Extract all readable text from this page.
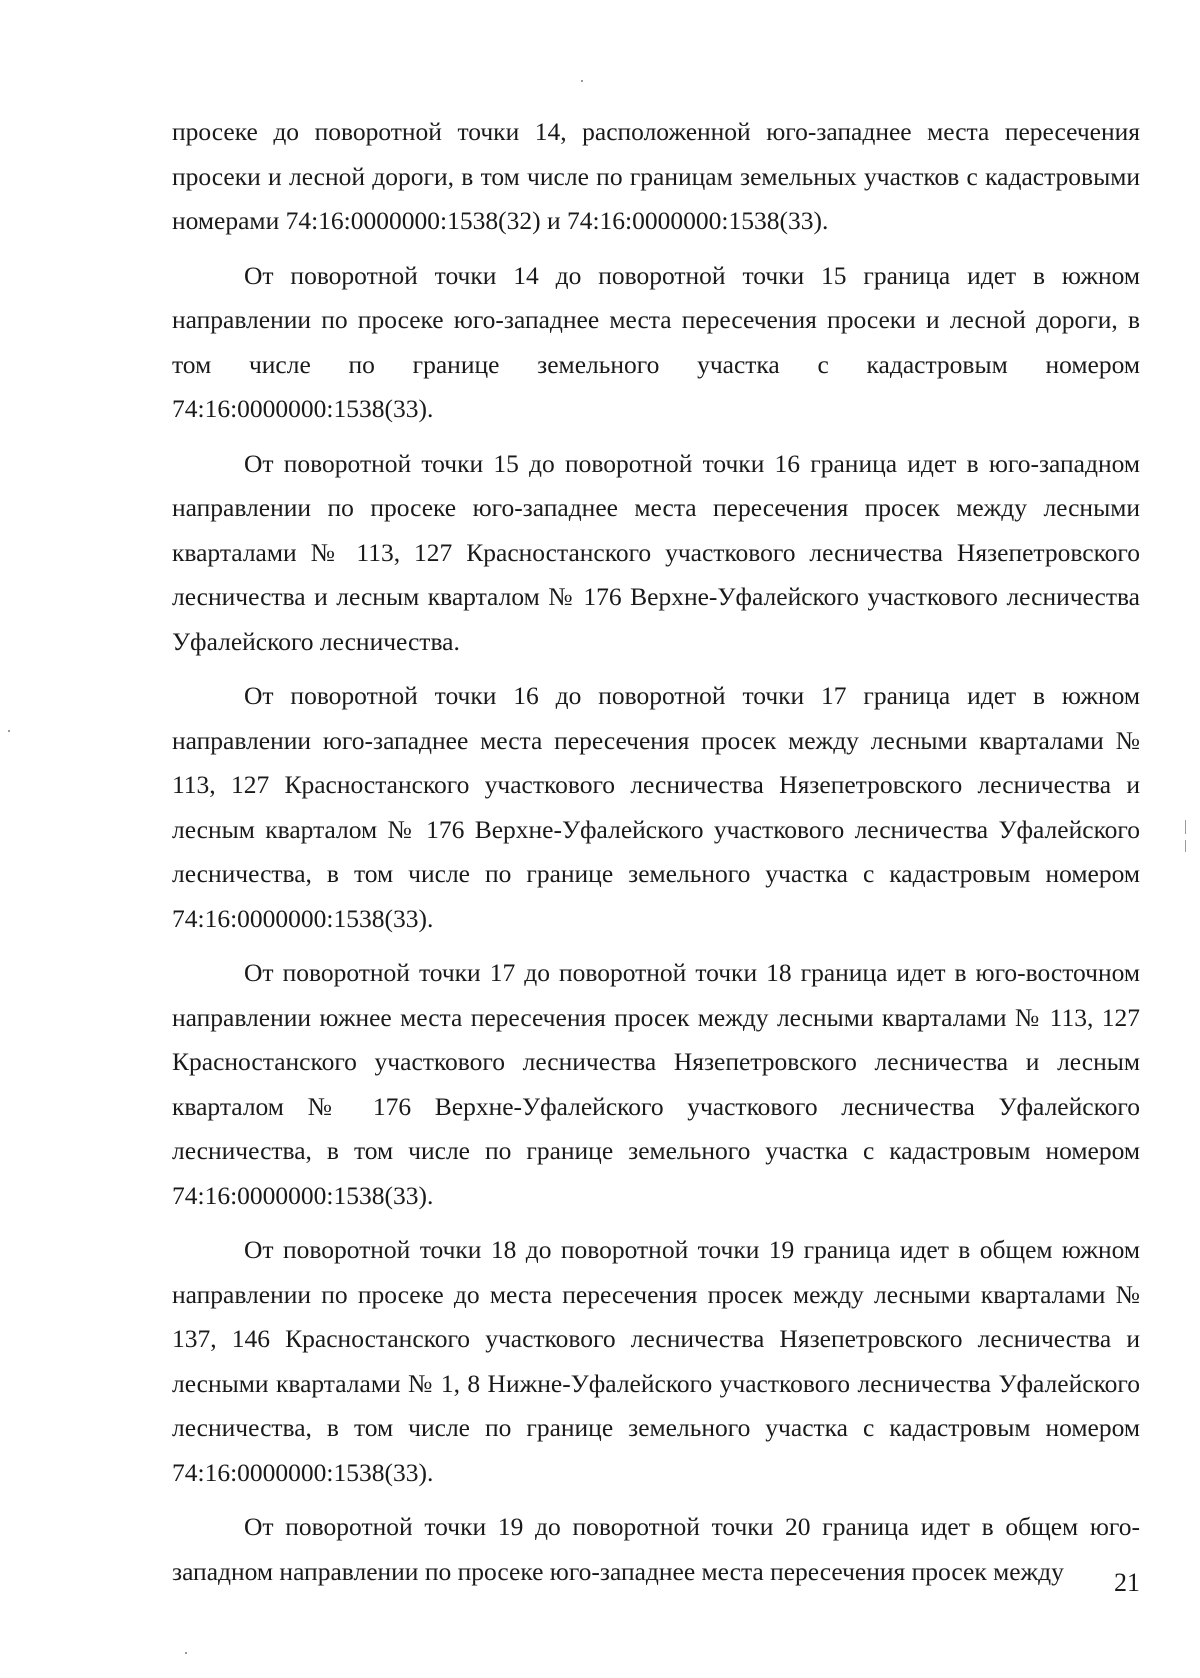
просеке до поворотной точки 14, расположенной юго-западнее места пересечения просеки и лесной дороги, в том числе по границам земельных участков с кадастровыми номерами 74:16:0000000:1538(32) и 74:16:0000000:1538(33).

От поворотной точки 14 до поворотной точки 15 граница идет в южном направлении по просеке юго-западнее места пересечения просеки и лесной дороги, в том числе по границе земельного участка с кадастровым номером 74:16:0000000:1538(33).

От поворотной точки 15 до поворотной точки 16 граница идет в юго-западном направлении по просеке юго-западнее места пересечения просек между лесными кварталами № 113, 127 Красностанского участкового лесничества Нязепетровского лесничества и лесным кварталом № 176 Верхне-Уфалейского участкового лесничества Уфалейского лесничества.

От поворотной точки 16 до поворотной точки 17 граница идет в южном направлении юго-западнее места пересечения просек между лесными кварталами № 113, 127 Красностанского участкового лесничества Нязепетровского лесничества и лесным кварталом № 176 Верхне-Уфалейского участкового лесничества Уфалейского лесничества, в том числе по границе земельного участка с кадастровым номером 74:16:0000000:1538(33).

От поворотной точки 17 до поворотной точки 18 граница идет в юго-восточном направлении южнее места пересечения просек между лесными кварталами № 113, 127 Красностанского участкового лесничества Нязепетровского лесничества и лесным кварталом № 176 Верхне-Уфалейского участкового лесничества Уфалейского лесничества, в том числе по границе земельного участка с кадастровым номером 74:16:0000000:1538(33).

От поворотной точки 18 до поворотной точки 19 граница идет в общем южном направлении по просеке до места пересечения просек между лесными кварталами № 137, 146 Красностанского участкового лесничества Нязепетровского лесничества и лесными кварталами № 1, 8 Нижне-Уфалейского участкового лесничества Уфалейского лесничества, в том числе по границе земельного участка с кадастровым номером 74:16:0000000:1538(33).

От поворотной точки 19 до поворотной точки 20 граница идет в общем юго-западном направлении по просеке юго-западнее места пересечения просек между	21
